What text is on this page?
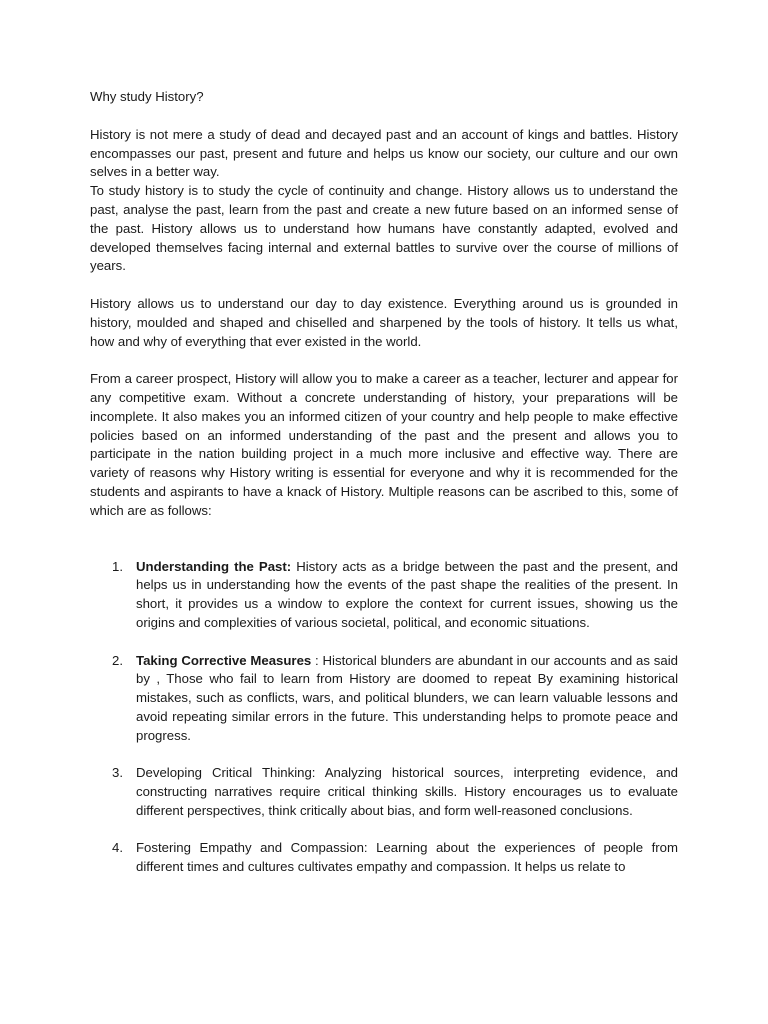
Why study History?

History is not mere a study of dead and decayed past and an account of kings and battles. History encompasses our past, present and future and helps us know our society, our culture and our own selves in a better way.

To study history is to study the cycle of continuity and change. History allows us to understand the past, analyse the past, learn from the past and create a new future based on an informed sense of the past. History allows us to understand how humans have constantly adapted, evolved and developed themselves facing internal and external battles to survive over the course of millions of years.

History allows us to understand our day to day existence. Everything around us is grounded in history, moulded and shaped and chiselled and sharpened by the tools of history. It tells us what, how and why of everything that ever existed in the world.

From a career prospect, History will allow you to make a career as a teacher, lecturer and appear for any competitive exam. Without a concrete understanding of history, your preparations will be incomplete. It also makes you an informed citizen of your country and help people to make effective policies based on an informed understanding of the past and the present and allows you to participate in the nation building project in a much more inclusive and effective way. There are variety of reasons why History writing is essential for everyone and why it is recommended for the students and aspirants to have a knack of History. Multiple reasons can be ascribed to this, some of which are as follows:

1. Understanding the Past: History acts as a bridge between the past and the present, and helps us in understanding how the events of the past shape the realities of the present. In short, it provides us a window to explore the context for current issues, showing us the origins and complexities of various societal, political, and economic situations.
2. Taking Corrective Measures : Historical blunders are abundant in our accounts and as said by , Those who fail to learn from History are doomed to repeat By examining historical mistakes, such as conflicts, wars, and political blunders, we can learn valuable lessons and avoid repeating similar errors in the future. This understanding helps to promote peace and progress.
3. Developing Critical Thinking: Analyzing historical sources, interpreting evidence, and constructing narratives require critical thinking skills. History encourages us to evaluate different perspectives, think critically about bias, and form well-reasoned conclusions.
4. Fostering Empathy and Compassion: Learning about the experiences of people from different times and cultures cultivates empathy and compassion. It helps us relate to
